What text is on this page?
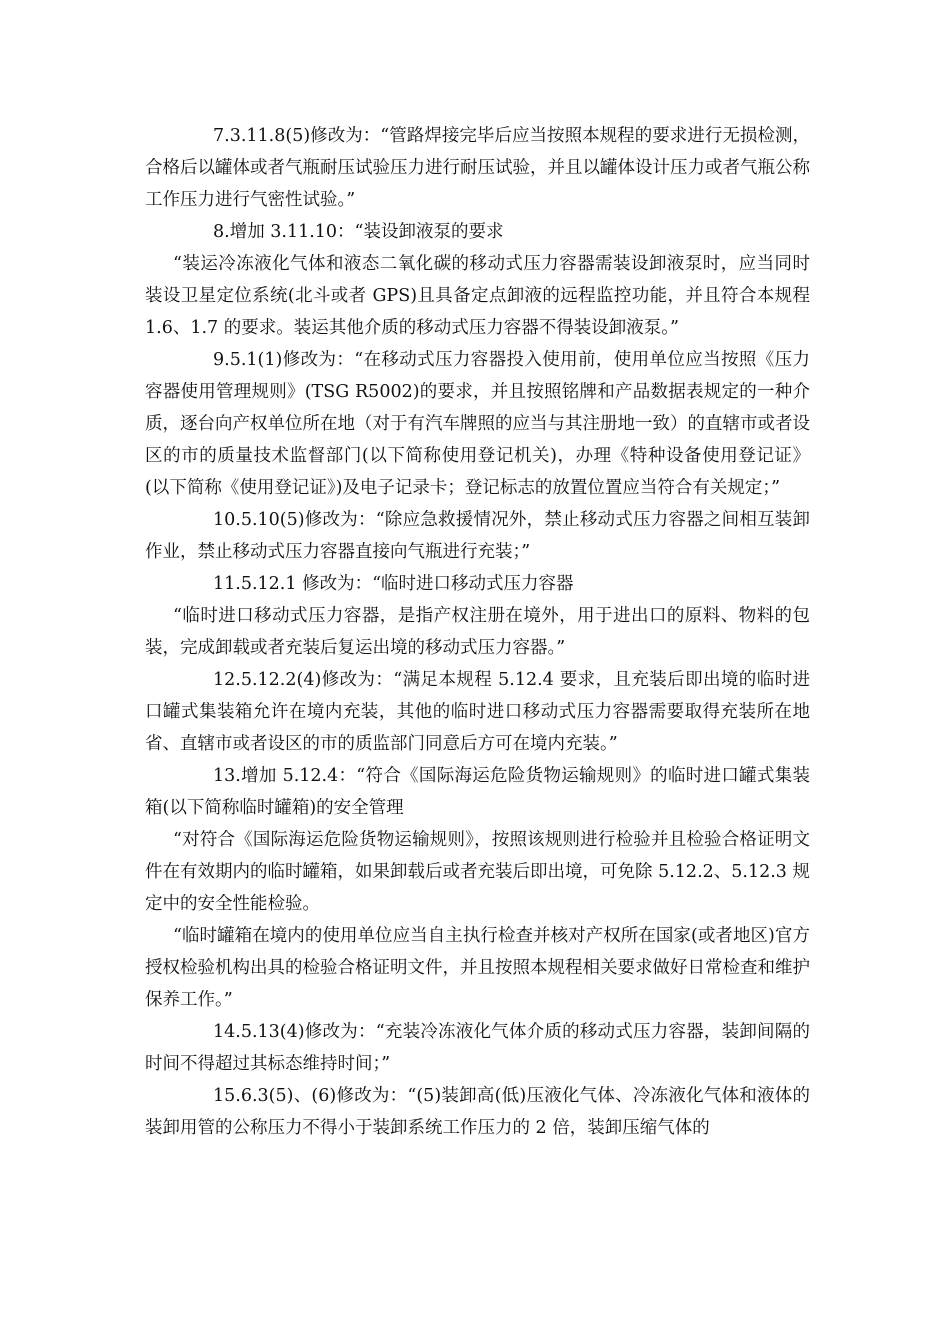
7.3.11.8(5)修改为：“管路焊接完毕后应当按照本规程的要求进行无损检测，合格后以罐体或者气瓶耐压试验压力进行耐压试验，并且以罐体设计压力或者气瓶公称工作压力进行气密性试验。”

8.增加 3.11.10：“装设卸液泵的要求

“装运冷冻液化气体和液态二氧化碳的移动式压力容器需装设卸液泵时，应当同时装设卫星定位系统(北斗或者 GPS)且具备定点卸液的远程监控功能，并且符合本规程 1.6、1.7 的要求。装运其他介质的移动式压力容器不得装设卸液泵。”

9.5.1(1)修改为：“在移动式压力容器投入使用前，使用单位应当按照《压力容器使用管理规则》(TSG R5002)的要求，并且按照铭牌和产品数据表规定的一种介质，逐台向产权单位所在地（对于有汽车牌照的应当与其注册地一致）的直辖市或者设区的市的质量技术监督部门(以下简称使用登记机关)，办理《特种设备使用登记证》(以下简称《使用登记证》)及电子记录卡；登记标志的放置位置应当符合有关规定；”

10.5.10(5)修改为：“除应急救援情况外，禁止移动式压力容器之间相互装卸作业，禁止移动式压力容器直接向气瓶进行充装；”

11.5.12.1 修改为：“临时进口移动式压力容器

“临时进口移动式压力容器，是指产权注册在境外，用于进出口的原料、物料的包装，完成卸载或者充装后复运出境的移动式压力容器。”

12.5.12.2(4)修改为：“满足本规程 5.12.4 要求，且充装后即出境的临时进口罐式集装箱允许在境内充装，其他的临时进口移动式压力容器需要取得充装所在地省、直辖市或者设区的市的质监部门同意后方可在境内充装。”

13.增加 5.12.4：“符合《国际海运危险货物运输规则》的临时进口罐式集装箱(以下简称临时罐箱)的安全管理

“对符合《国际海运危险货物运输规则》，按照该规则进行检验并且检验合格证明文件在有效期内的临时罐箱，如果卸载后或者充装后即出境，可免除 5.12.2、5.12.3 规定中的安全性能检验。

“临时罐箱在境内的使用单位应当自主执行检查并核对产权所在国家(或者地区)官方授权检验机构出具的检验合格证明文件，并且按照本规程相关要求做好日常检查和维护保养工作。”

14.5.13(4)修改为：“充装冷冻液化气体介质的移动式压力容器，装卸间隔的时间不得超过其标态维持时间；”

15.6.3(5)、(6)修改为：“(5)装卸高(低)压液化气体、冷冻液化气体和液体的装卸用管的公称压力不得小于装卸系统工作压力的 2 倍，装卸压缩气体的
